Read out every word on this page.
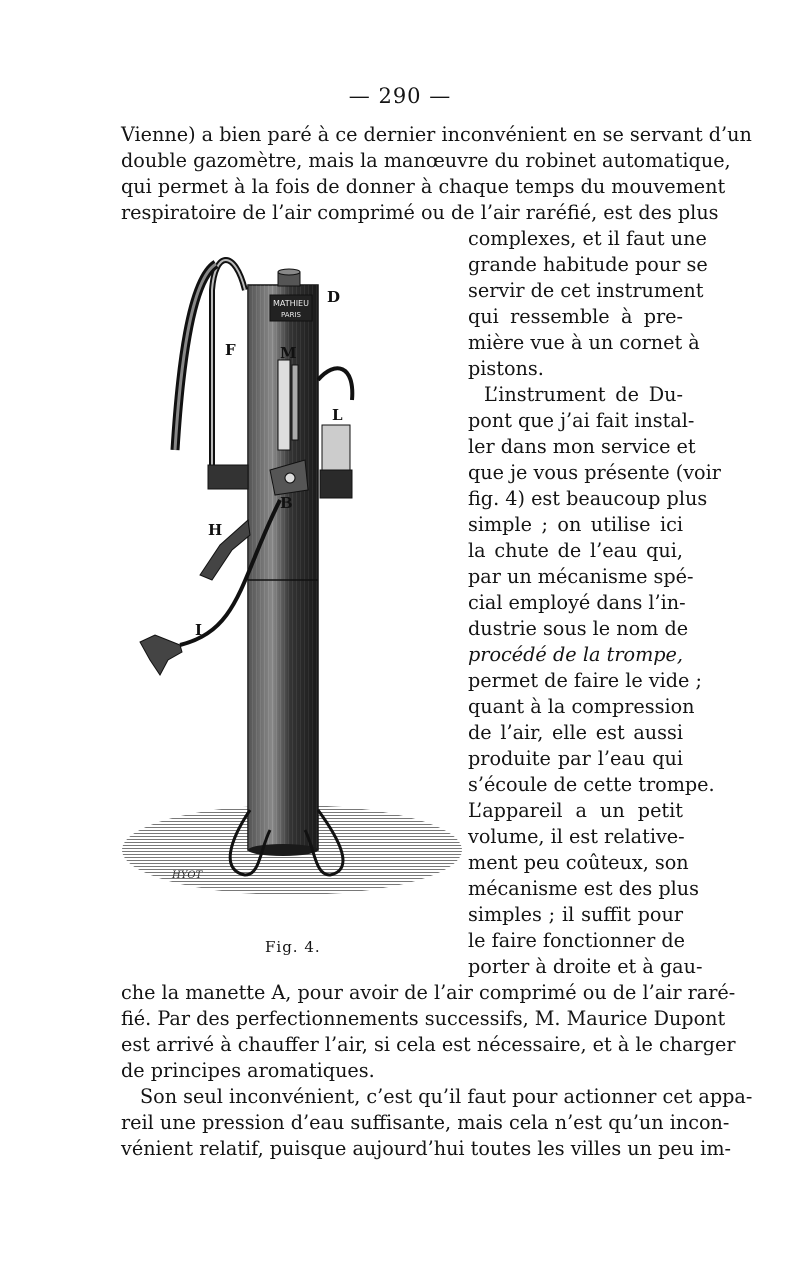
— 290 —
Vienne) a bien paré à ce dernier inconvénient en se servant d’un
double gazomètre, mais la manœuvre du robinet automatique,
qui permet à la fois de donner à chaque temps du mouvement
respiratoire de l’air comprimé ou de l’air raréfié, est des plus
complexes, et il faut une
grande habitude pour se
servir de cet instrument
qui ressemble à pre-
mière vue à un cornet à
pistons.
L’instrument de Du-
pont que j’ai fait instal-
ler dans mon service et
que je vous présente (voir
fig. 4) est beaucoup plus
simple ; on utilise ici
la chute de l’eau qui,
par un mécanisme spé-
cial employé dans l’in-
dustrie sous le nom de
procédé de la trompe,
permet de faire le vide ;
quant à la compression
de l’air, elle est aussi
produite par l’eau qui
s’écoule de cette trompe.
L’appareil a un petit
volume, il est relative-
ment peu coûteux, son
mécanisme est des plus
simples ; il suffit pour
le faire fonctionner de
porter à droite et à gau-
che la manette A, pour avoir de l’air comprimé ou de l’air raré-
fié. Par des perfectionnements successifs, M. Maurice Dupont
est arrivé à chauffer l’air, si cela est nécessaire, et à le charger
de principes aromatiques.
Son seul inconvénient, c’est qu’il faut pour actionner cet appa-
reil une pression d’eau suffisante, mais cela n’est qu’un incon-
vénient relatif, puisque aujourd’hui toutes les villes un peu im-
MATHIEU
PARIS
HYOT
D
F	M
L
B
H
I
Fig. 4.
